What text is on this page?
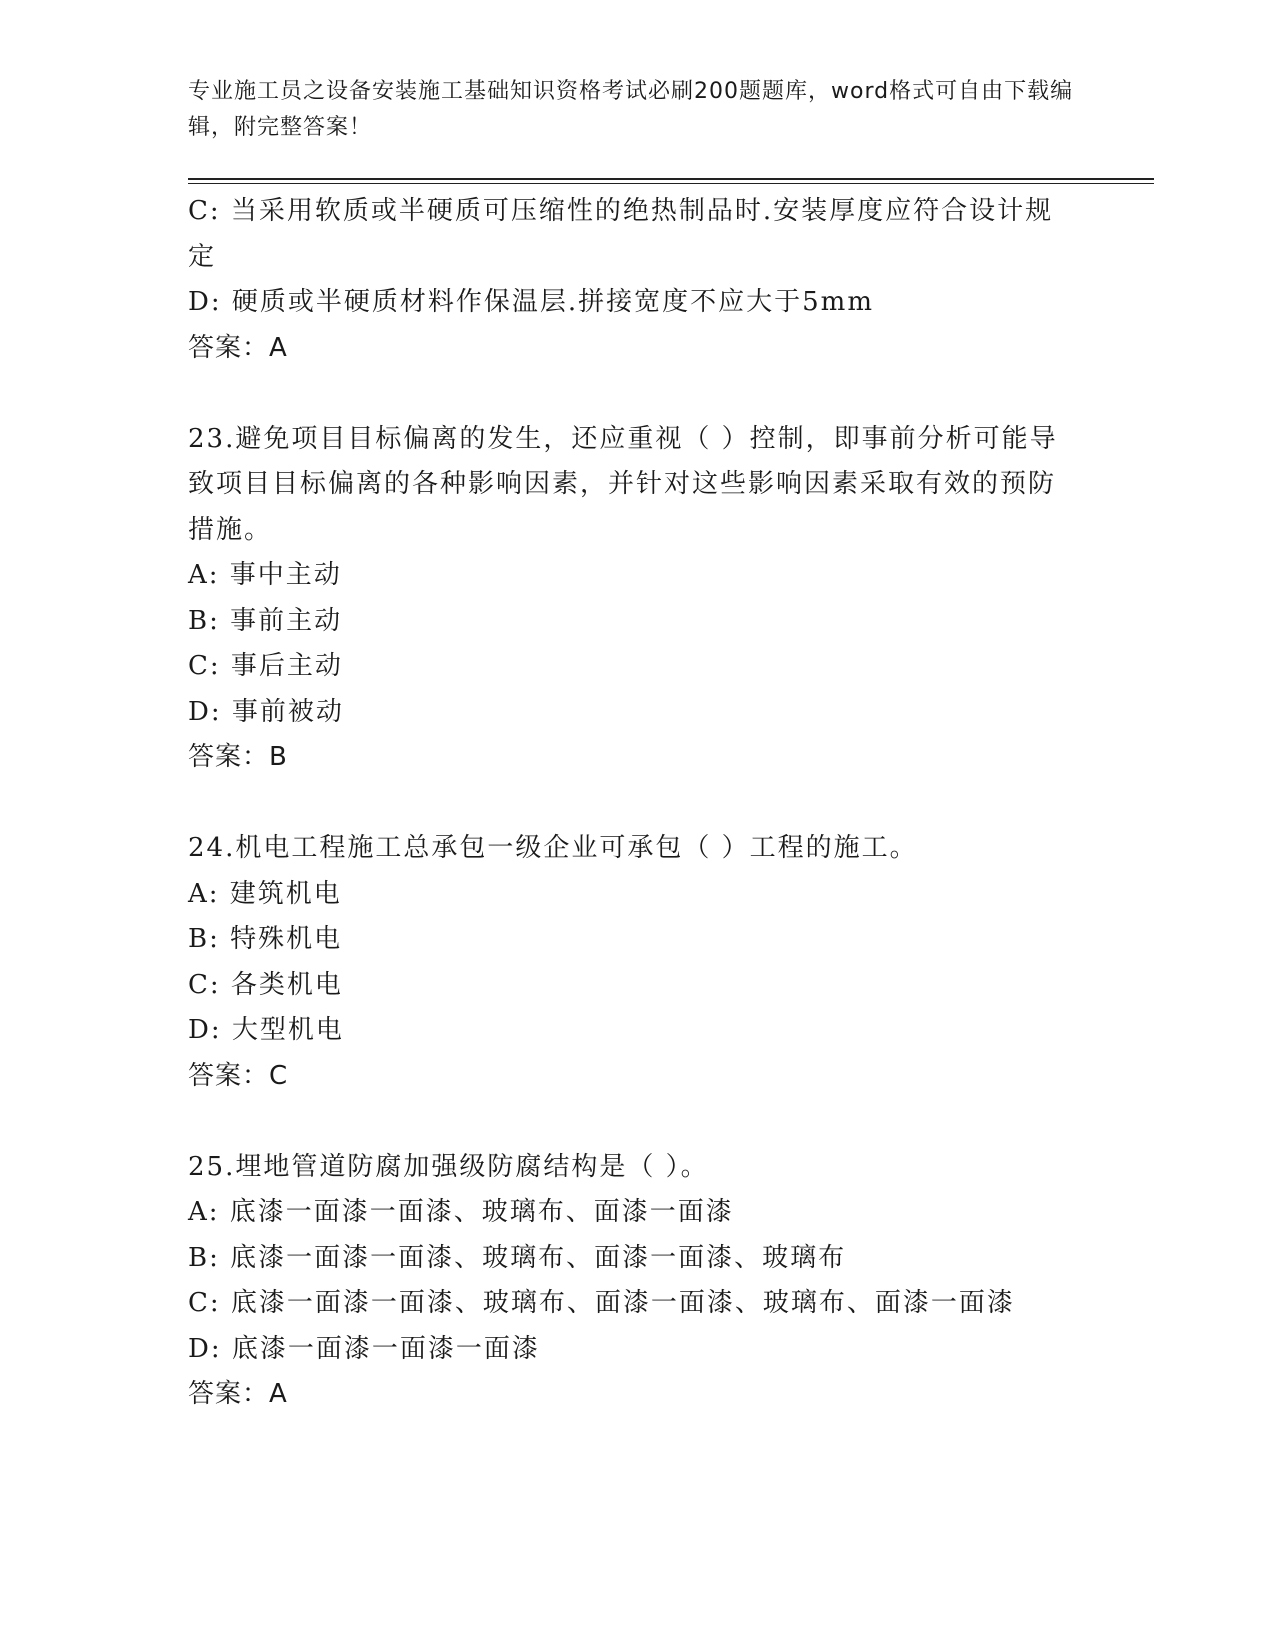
专业施工员之设备安装施工基础知识资格考试必刷200题题库，word格式可自由下载编辑，附完整答案！

C: 当采用软质或半硬质可压缩性的绝热制品时.安装厚度应符合设计规定

D: 硬质或半硬质材料作保温层.拼接宽度不应大于5mm

答案：A

23.避免项目目标偏离的发生，还应重视（ ）控制，即事前分析可能导致项目目标偏离的各种影响因素，并针对这些影响因素采取有效的预防措施。

A: 事中主动

B: 事前主动

C: 事后主动

D: 事前被动

答案：B

24.机电工程施工总承包一级企业可承包（ ）工程的施工。

A: 建筑机电

B: 特殊机电

C: 各类机电

D: 大型机电

答案：C

25.埋地管道防腐加强级防腐结构是（ ）。

A: 底漆一面漆一面漆、玻璃布、面漆一面漆

B: 底漆一面漆一面漆、玻璃布、面漆一面漆、玻璃布

C: 底漆一面漆一面漆、玻璃布、面漆一面漆、玻璃布、面漆一面漆

D: 底漆一面漆一面漆一面漆

答案：A
